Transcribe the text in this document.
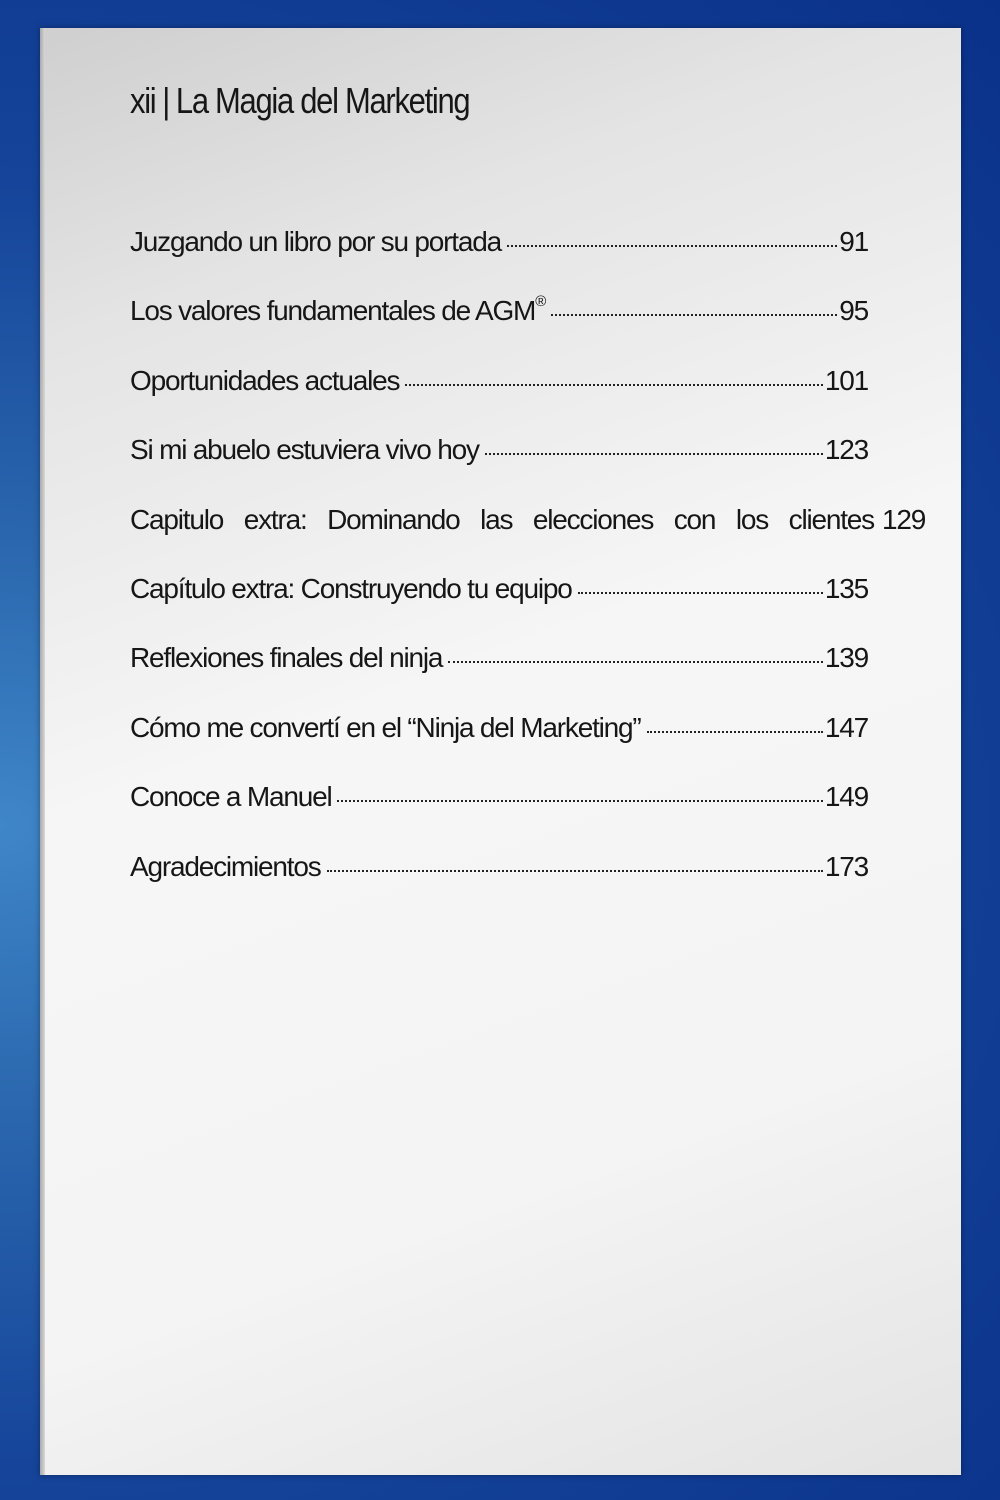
xii | La Magia del Marketing
Juzgando un libro por su portada	91
Los valores fundamentales de AGM®	95
Oportunidades actuales	101
Si mi abuelo estuviera vivo hoy	123
Capitulo extra: Dominando las elecciones con los clientes 129
Capítulo extra: Construyendo tu equipo	135
Reflexiones finales del ninja	139
Cómo me convertí en el “Ninja del Marketing”	147
Conoce a Manuel	149
Agradecimientos	173
